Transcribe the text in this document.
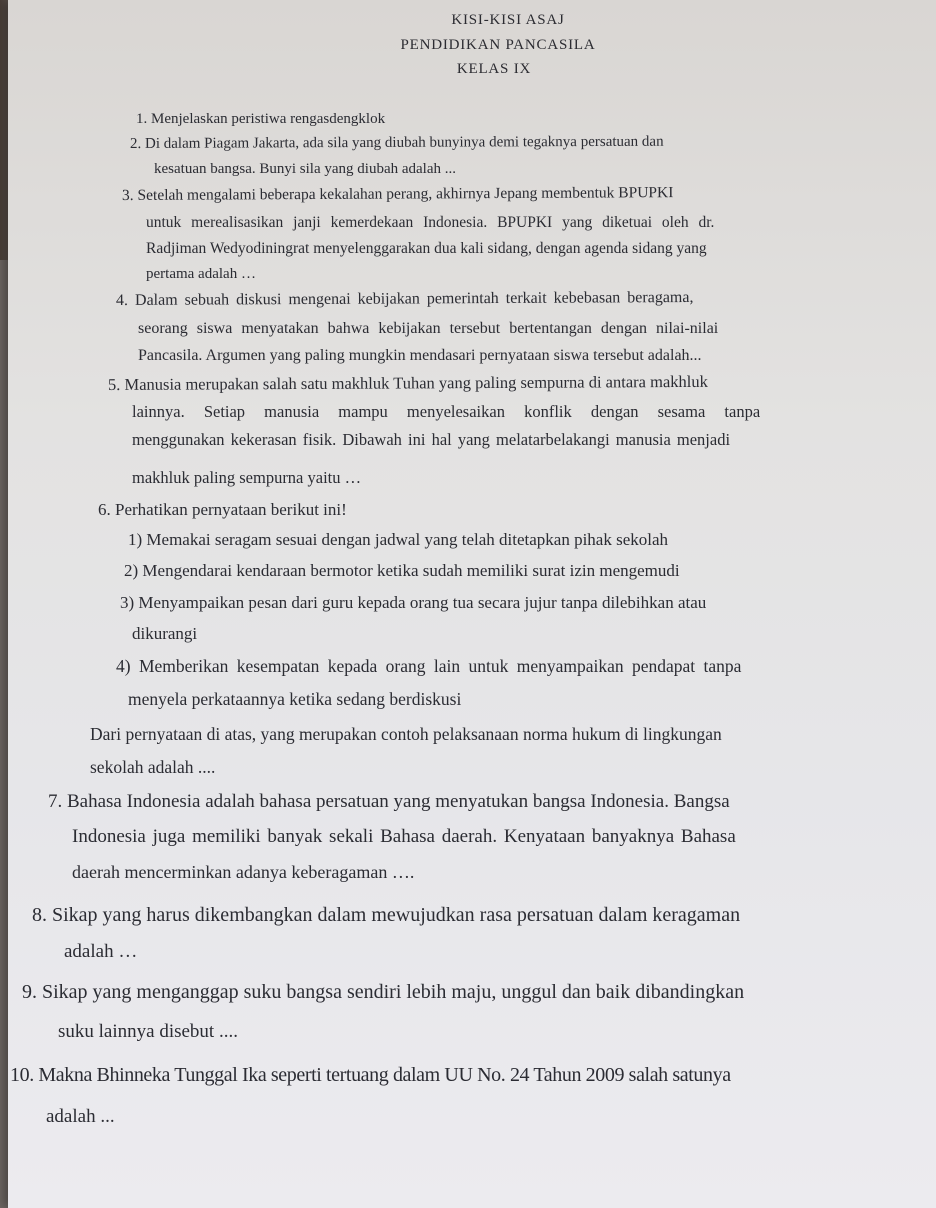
KISI-KISI ASAJ
PENDIDIKAN PANCASILA
KELAS IX
1. Menjelaskan peristiwa rengasdengklok
2. Di dalam Piagam Jakarta, ada sila yang diubah bunyinya demi tegaknya persatuan dan
kesatuan bangsa. Bunyi sila yang diubah adalah ...
3. Setelah mengalami beberapa kekalahan perang, akhirnya Jepang membentuk BPUPKI
untuk merealisasikan janji kemerdekaan Indonesia. BPUPKI yang diketuai oleh dr.
Radjiman Wedyodiningrat menyelenggarakan dua kali sidang, dengan agenda sidang yang
pertama adalah …
4. Dalam sebuah diskusi mengenai kebijakan pemerintah terkait kebebasan beragama,
seorang siswa menyatakan bahwa kebijakan tersebut bertentangan dengan nilai-nilai
Pancasila. Argumen yang paling mungkin mendasari pernyataan siswa tersebut adalah...
5. Manusia merupakan salah satu makhluk Tuhan yang paling sempurna di antara makhluk
lainnya. Setiap manusia mampu menyelesaikan konflik dengan sesama tanpa
menggunakan kekerasan fisik. Dibawah ini hal yang melatarbelakangi manusia menjadi
makhluk paling sempurna yaitu …
6. Perhatikan pernyataan berikut ini!
1) Memakai seragam sesuai dengan jadwal yang telah ditetapkan pihak sekolah
2) Mengendarai kendaraan bermotor ketika sudah memiliki surat izin mengemudi
3) Menyampaikan pesan dari guru kepada orang tua secara jujur tanpa dilebihkan atau
dikurangi
4) Memberikan kesempatan kepada orang lain untuk menyampaikan pendapat tanpa
menyela perkataannya ketika sedang berdiskusi
Dari pernyataan di atas, yang merupakan contoh pelaksanaan norma hukum di lingkungan
sekolah adalah ....
7. Bahasa Indonesia adalah bahasa persatuan yang menyatukan bangsa Indonesia. Bangsa
Indonesia juga memiliki banyak sekali Bahasa daerah. Kenyataan banyaknya Bahasa
daerah mencerminkan adanya keberagaman ….
8. Sikap yang harus dikembangkan dalam mewujudkan rasa persatuan dalam keragaman
adalah …
9. Sikap yang menganggap suku bangsa sendiri lebih maju, unggul dan baik dibandingkan
suku lainnya disebut ....
10. Makna Bhinneka Tunggal Ika seperti tertuang dalam UU No. 24 Tahun 2009 salah satunya
adalah ...
